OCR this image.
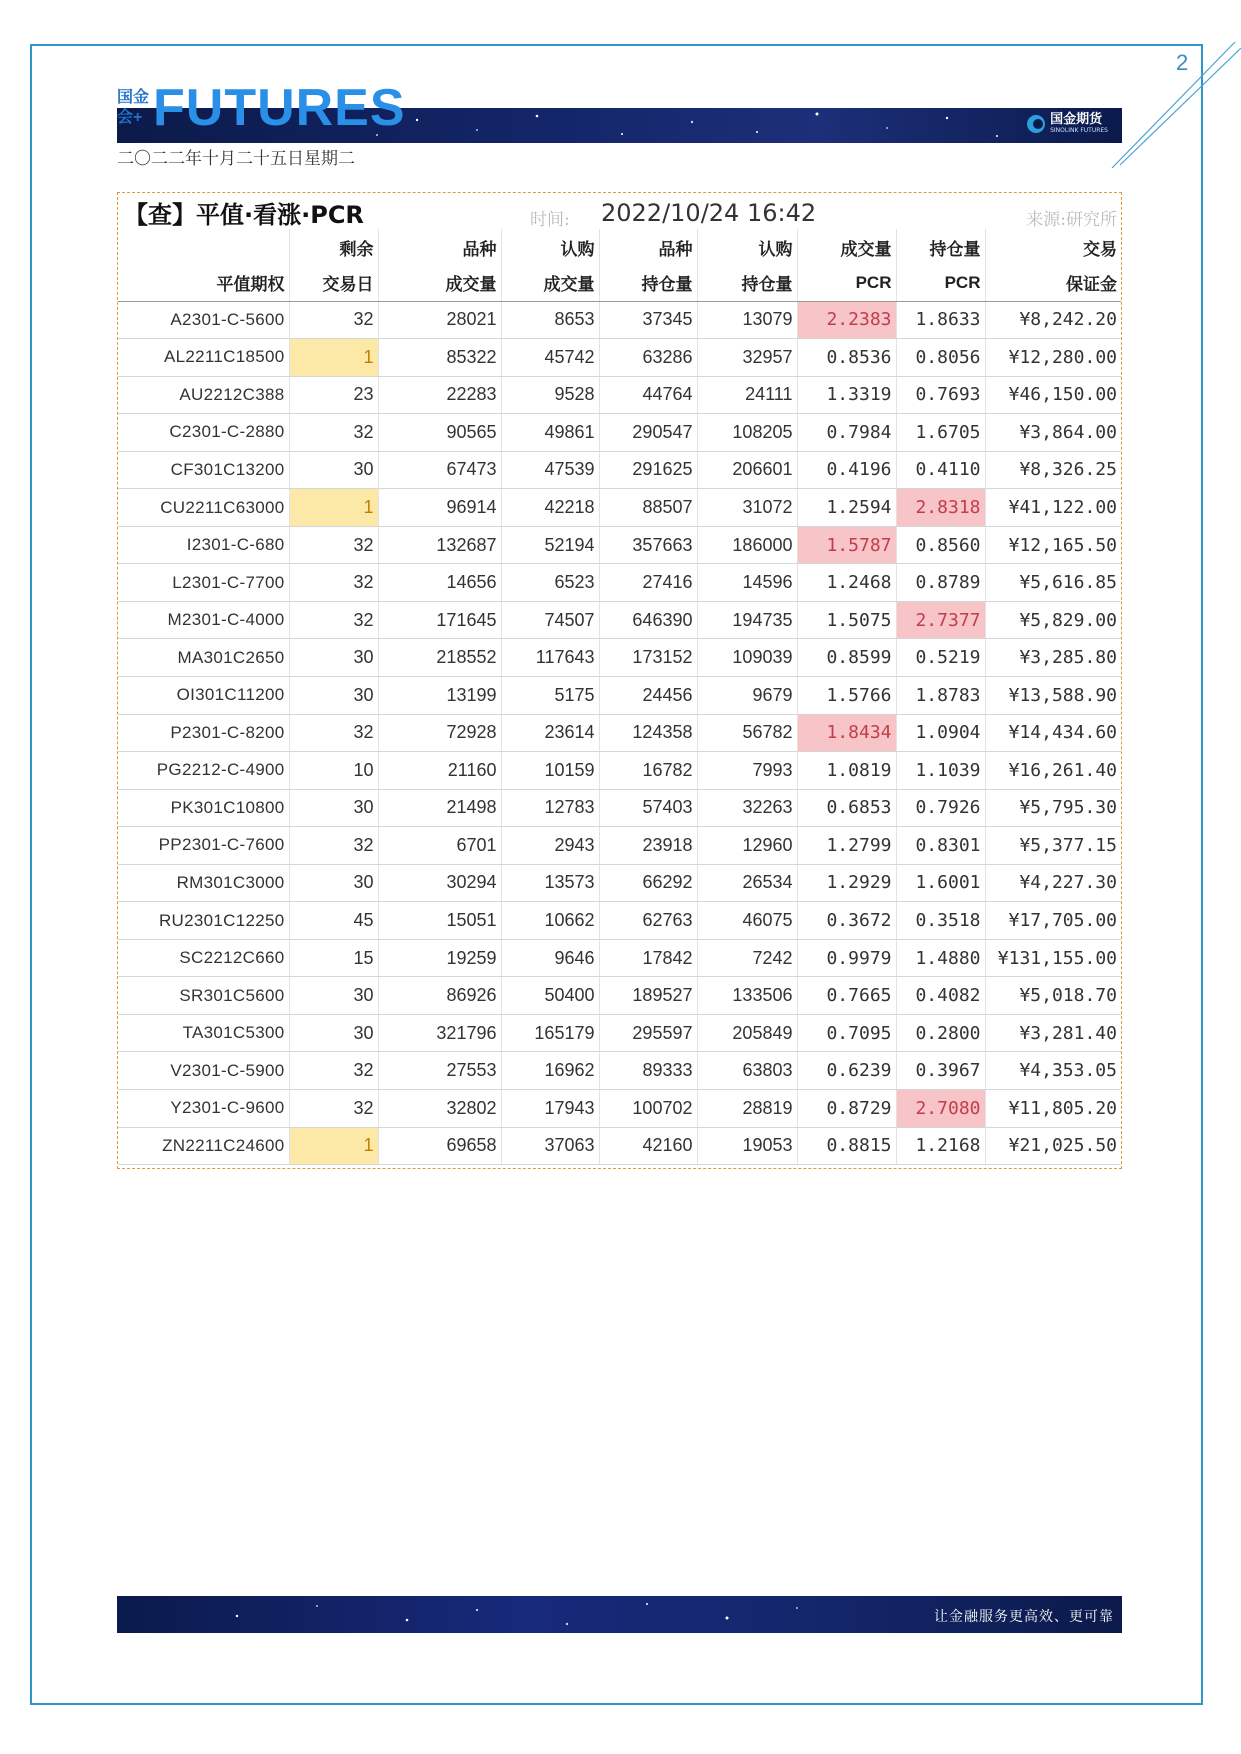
2
国金期货
SINOLINK FUTURES
国金
会+ FUTURES
二〇二二年十月二十五日星期二
【查】平值·看涨·PCR	时间: 2022/10/24 16:42	来源:研究所
	剩余	品种	认购	品种	认购	成交量	持仓量	交易
平值期权	交易日	成交量	成交量	持仓量	持仓量	PCR	PCR	保证金
A2301-C-5600	32	28021	8653	37345	13079	2.2383	1.8633	¥8,242.20
AL2211C18500	1	85322	45742	63286	32957	0.8536	0.8056	¥12,280.00
AU2212C388	23	22283	9528	44764	24111	1.3319	0.7693	¥46,150.00
C2301-C-2880	32	90565	49861	290547	108205	0.7984	1.6705	¥3,864.00
CF301C13200	30	67473	47539	291625	206601	0.4196	0.4110	¥8,326.25
CU2211C63000	1	96914	42218	88507	31072	1.2594	2.8318	¥41,122.00
I2301-C-680	32	132687	52194	357663	186000	1.5787	0.8560	¥12,165.50
L2301-C-7700	32	14656	6523	27416	14596	1.2468	0.8789	¥5,616.85
M2301-C-4000	32	171645	74507	646390	194735	1.5075	2.7377	¥5,829.00
MA301C2650	30	218552	117643	173152	109039	0.8599	0.5219	¥3,285.80
OI301C11200	30	13199	5175	24456	9679	1.5766	1.8783	¥13,588.90
P2301-C-8200	32	72928	23614	124358	56782	1.8434	1.0904	¥14,434.60
PG2212-C-4900	10	21160	10159	16782	7993	1.0819	1.1039	¥16,261.40
PK301C10800	30	21498	12783	57403	32263	0.6853	0.7926	¥5,795.30
PP2301-C-7600	32	6701	2943	23918	12960	1.2799	0.8301	¥5,377.15
RM301C3000	30	30294	13573	66292	26534	1.2929	1.6001	¥4,227.30
RU2301C12250	45	15051	10662	62763	46075	0.3672	0.3518	¥17,705.00
SC2212C660	15	19259	9646	17842	7242	0.9979	1.4880	¥131,155.00
SR301C5600	30	86926	50400	189527	133506	0.7665	0.4082	¥5,018.70
TA301C5300	30	321796	165179	295597	205849	0.7095	0.2800	¥3,281.40
V2301-C-5900	32	27553	16962	89333	63803	0.6239	0.3967	¥4,353.05
Y2301-C-9600	32	32802	17943	100702	28819	0.8729	2.7080	¥11,805.20
ZN2211C24600	1	69658	37063	42160	19053	0.8815	1.2168	¥21,025.50
让金融服务更高效、更可靠
